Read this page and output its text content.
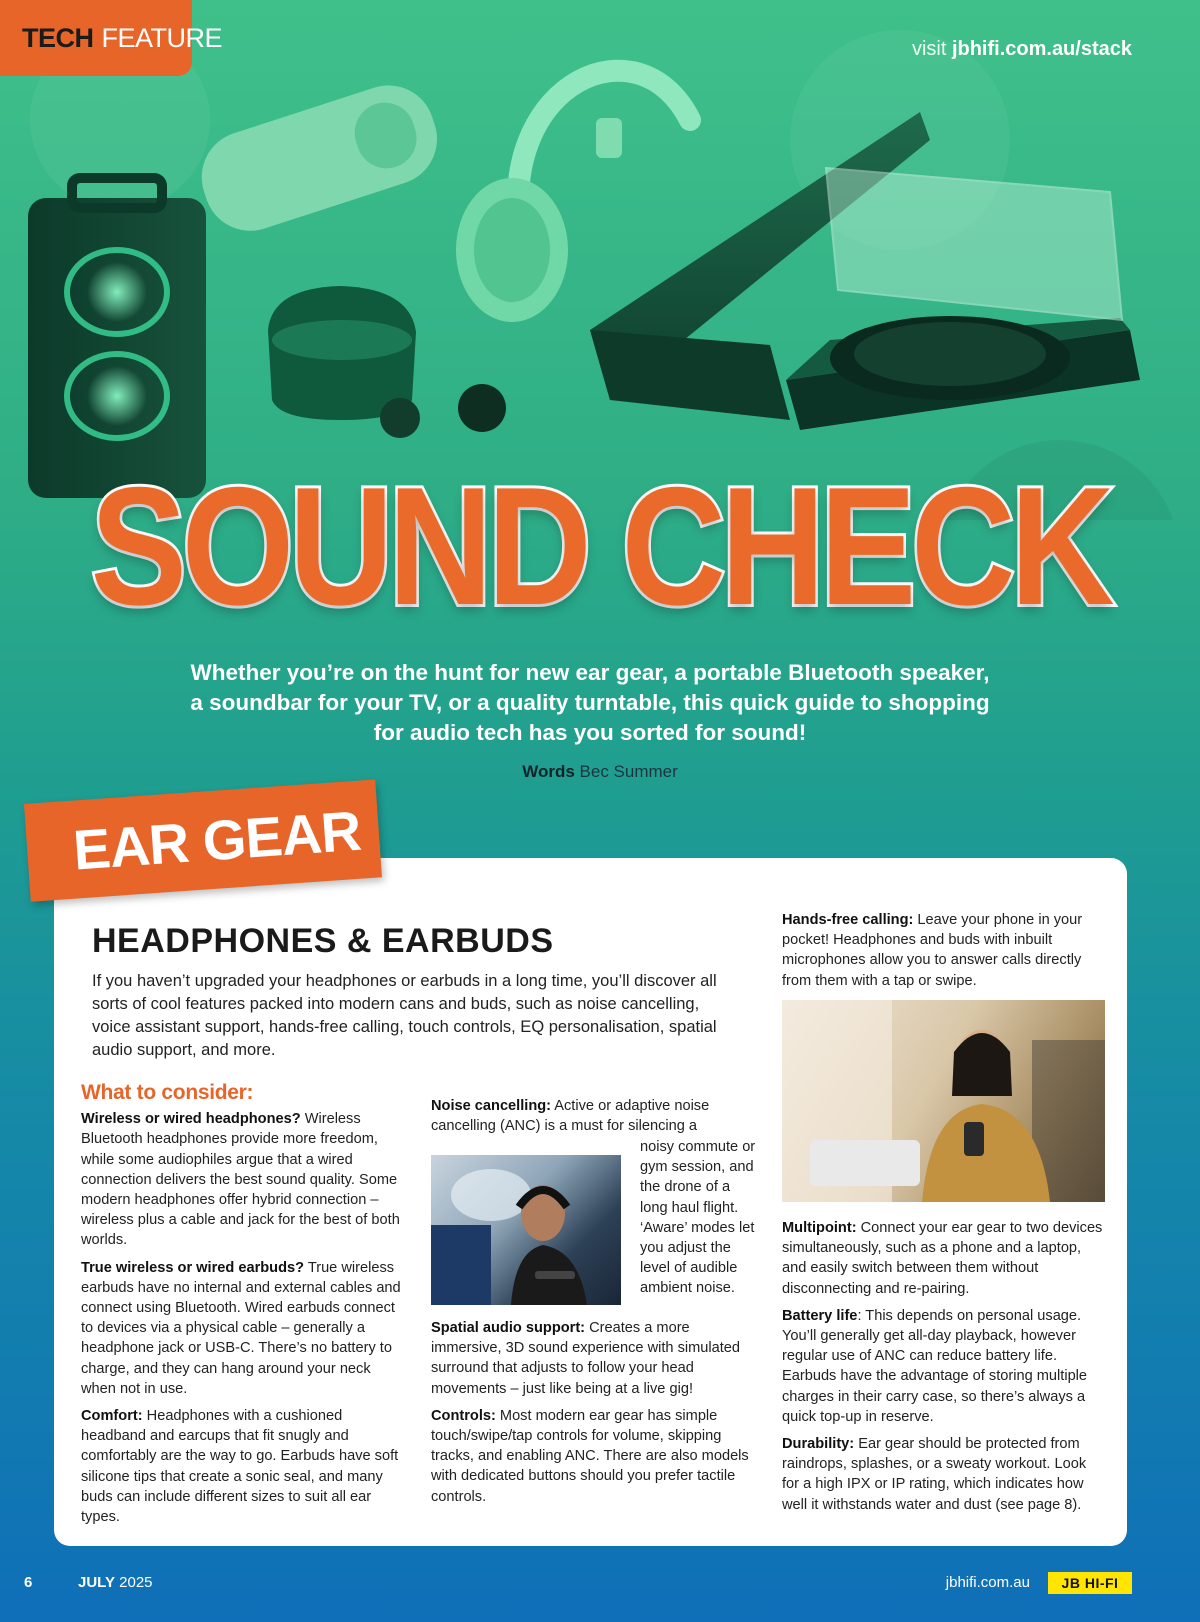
TECH FEATURE	visit jbhifi.com.au/stack
SOUND CHECK
Whether you’re on the hunt for new ear gear, a portable Bluetooth speaker, a soundbar for your TV, or a quality turntable, this quick guide to shopping for audio tech has you sorted for sound!
Words Bec Summer
EAR GEAR
HEADPHONES & EARBUDS
If you haven’t upgraded your headphones or earbuds in a long time, you’ll discover all sorts of cool features packed into modern cans and buds, such as noise cancelling, voice assistant support, hands-free calling, touch controls, EQ personalisation, spatial audio support, and more.
What to consider:

Wireless or wired headphones? Wireless Bluetooth headphones provide more freedom, while some audiophiles argue that a wired connection delivers the best sound quality. Some modern headphones offer hybrid connection – wireless plus a cable and jack for the best of both worlds.

True wireless or wired earbuds? True wireless earbuds have no internal and external cables and connect using Bluetooth. Wired earbuds connect to devices via a physical cable – generally a headphone jack or USB-C. There’s no battery to charge, and they can hang around your neck when not in use.

Comfort: Headphones with a cushioned headband and earcups that fit snugly and comfortably are the way to go. Earbuds have soft silicone tips that create a sonic seal, and many buds can include different sizes to suit all ear types.

Noise cancelling: Active or adaptive noise cancelling (ANC) is a must for silencing a

noisy commute or gym session, and the drone of a long haul flight. ‘Aware’ modes let you adjust the level of audible ambient noise.

Spatial audio support: Creates a more immersive, 3D sound experience with simulated surround that adjusts to follow your head movements – just like being at a live gig!

Controls: Most modern ear gear has simple touch/swipe/tap controls for volume, skipping tracks, and enabling ANC. There are also models with dedicated buttons should you prefer tactile controls.

Hands-free calling: Leave your phone in your pocket! Headphones and buds with inbuilt microphones allow you to answer calls directly from them with a tap or swipe.

Multipoint: Connect your ear gear to two devices simultaneously, such as a phone and a laptop, and easily switch between them without disconnecting and re-pairing.

Battery life: This depends on personal usage. You’ll generally get all-day playback, however regular use of ANC can reduce battery life. Earbuds have the advantage of storing multiple charges in their carry case, so there’s always a quick top-up in reserve.

Durability: Ear gear should be protected from raindrops, splashes, or a sweaty workout. Look for a high IPX or IP rating, which indicates how well it withstands water and dust (see page 8).

6	JULY 2025	jbhifi.com.au	JB HI-FI
